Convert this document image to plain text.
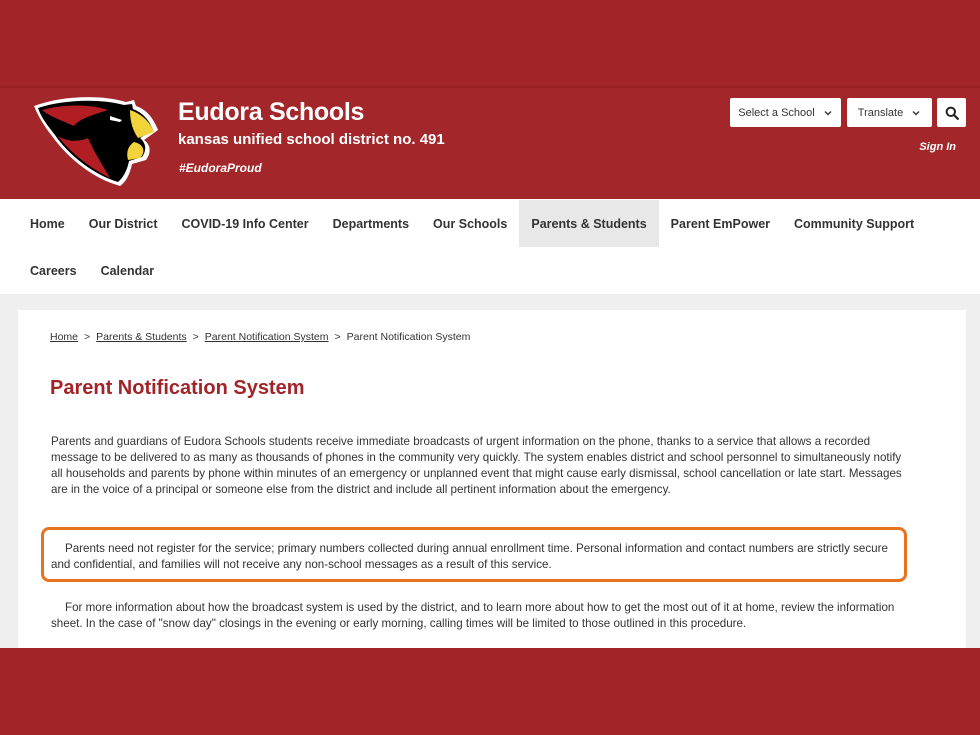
Eudora Schools
kansas unified school district no. 491
#EudoraProud
Select a School	Translate
Sign In
Home	Our District	COVID-19 Info Center	Departments	Our Schools	Parents & Students	Parent EmPower	Community Support
Careers	Calendar
Home > Parents & Students > Parent Notification System > Parent Notification System
Parent Notification System

Parents and guardians of Eudora Schools students receive immediate broadcasts of urgent information on the phone, thanks to a service that allows a recorded message to be delivered to as many as thousands of phones in the community very quickly. The system enables district and school personnel to simultaneously notify all households and parents by phone within minutes of an emergency or unplanned event that might cause early dismissal, school cancellation or late start. Messages are in the voice of a principal or someone else from the district and include all pertinent information about the emergency.

Parents need not register for the service; primary numbers collected during annual enrollment time. Personal information and contact numbers are strictly secure and confidential, and families will not receive any non-school messages as a result of this service.

For more information about how the broadcast system is used by the district, and to learn more about how to get the most out of it at home, review the information sheet. In the case of "snow day" closings in the evening or early morning, calling times will be limited to those outlined in this procedure.
